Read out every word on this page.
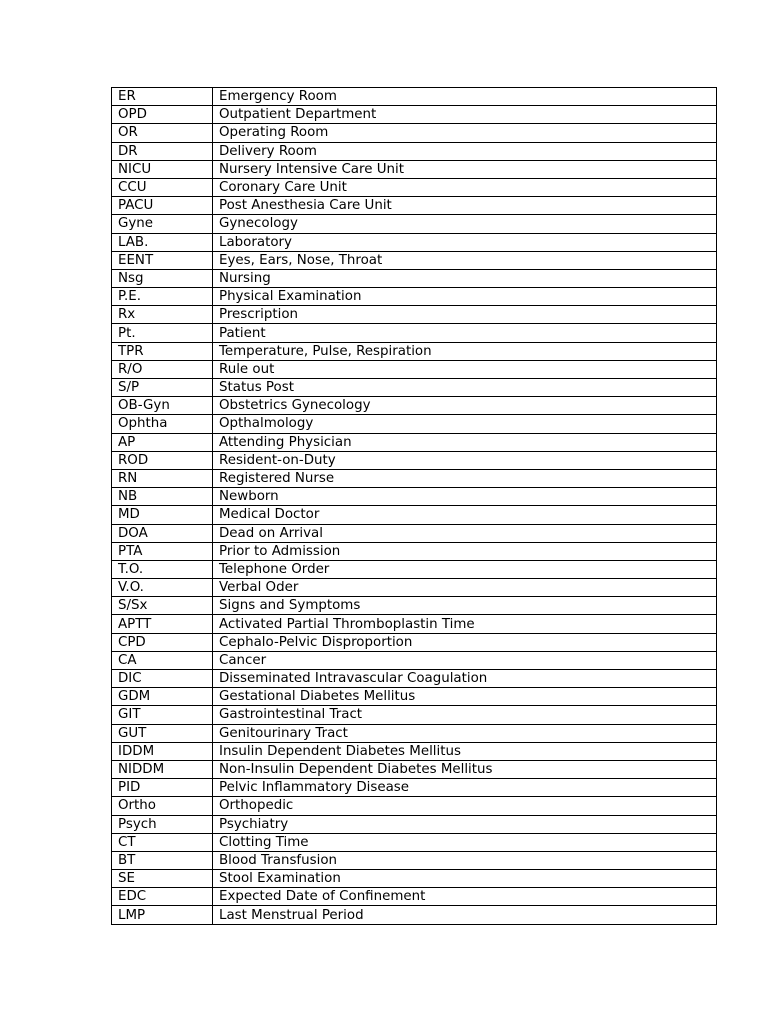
ER	Emergency Room
OPD	Outpatient Department
OR	Operating Room
DR	Delivery Room
NICU	Nursery Intensive Care Unit
CCU	Coronary Care Unit
PACU	Post Anesthesia Care Unit
Gyne	Gynecology
LAB.	Laboratory
EENT	Eyes, Ears, Nose, Throat
Nsg	Nursing
P.E.	Physical Examination
Rx	Prescription
Pt.	Patient
TPR	Temperature, Pulse, Respiration
R/O	Rule out
S/P	Status Post
OB-Gyn	Obstetrics Gynecology
Ophtha	Opthalmology
AP	Attending Physician
ROD	Resident-on-Duty
RN	Registered Nurse
NB	Newborn
MD	Medical Doctor
DOA	Dead on Arrival
PTA	Prior to Admission
T.O.	Telephone Order
V.O.	Verbal Oder
S/Sx	Signs and Symptoms
APTT	Activated Partial Thromboplastin Time
CPD	Cephalo-Pelvic Disproportion
CA	Cancer
DIC	Disseminated Intravascular Coagulation
GDM	Gestational Diabetes Mellitus
GIT	Gastrointestinal Tract
GUT	Genitourinary Tract
IDDM	Insulin Dependent Diabetes Mellitus
NIDDM	Non-Insulin Dependent Diabetes Mellitus
PID	Pelvic Inflammatory Disease
Ortho	Orthopedic
Psych	Psychiatry
CT	Clotting Time
BT	Blood Transfusion
SE	Stool Examination
EDC	Expected Date of Confinement
LMP	Last Menstrual Period
